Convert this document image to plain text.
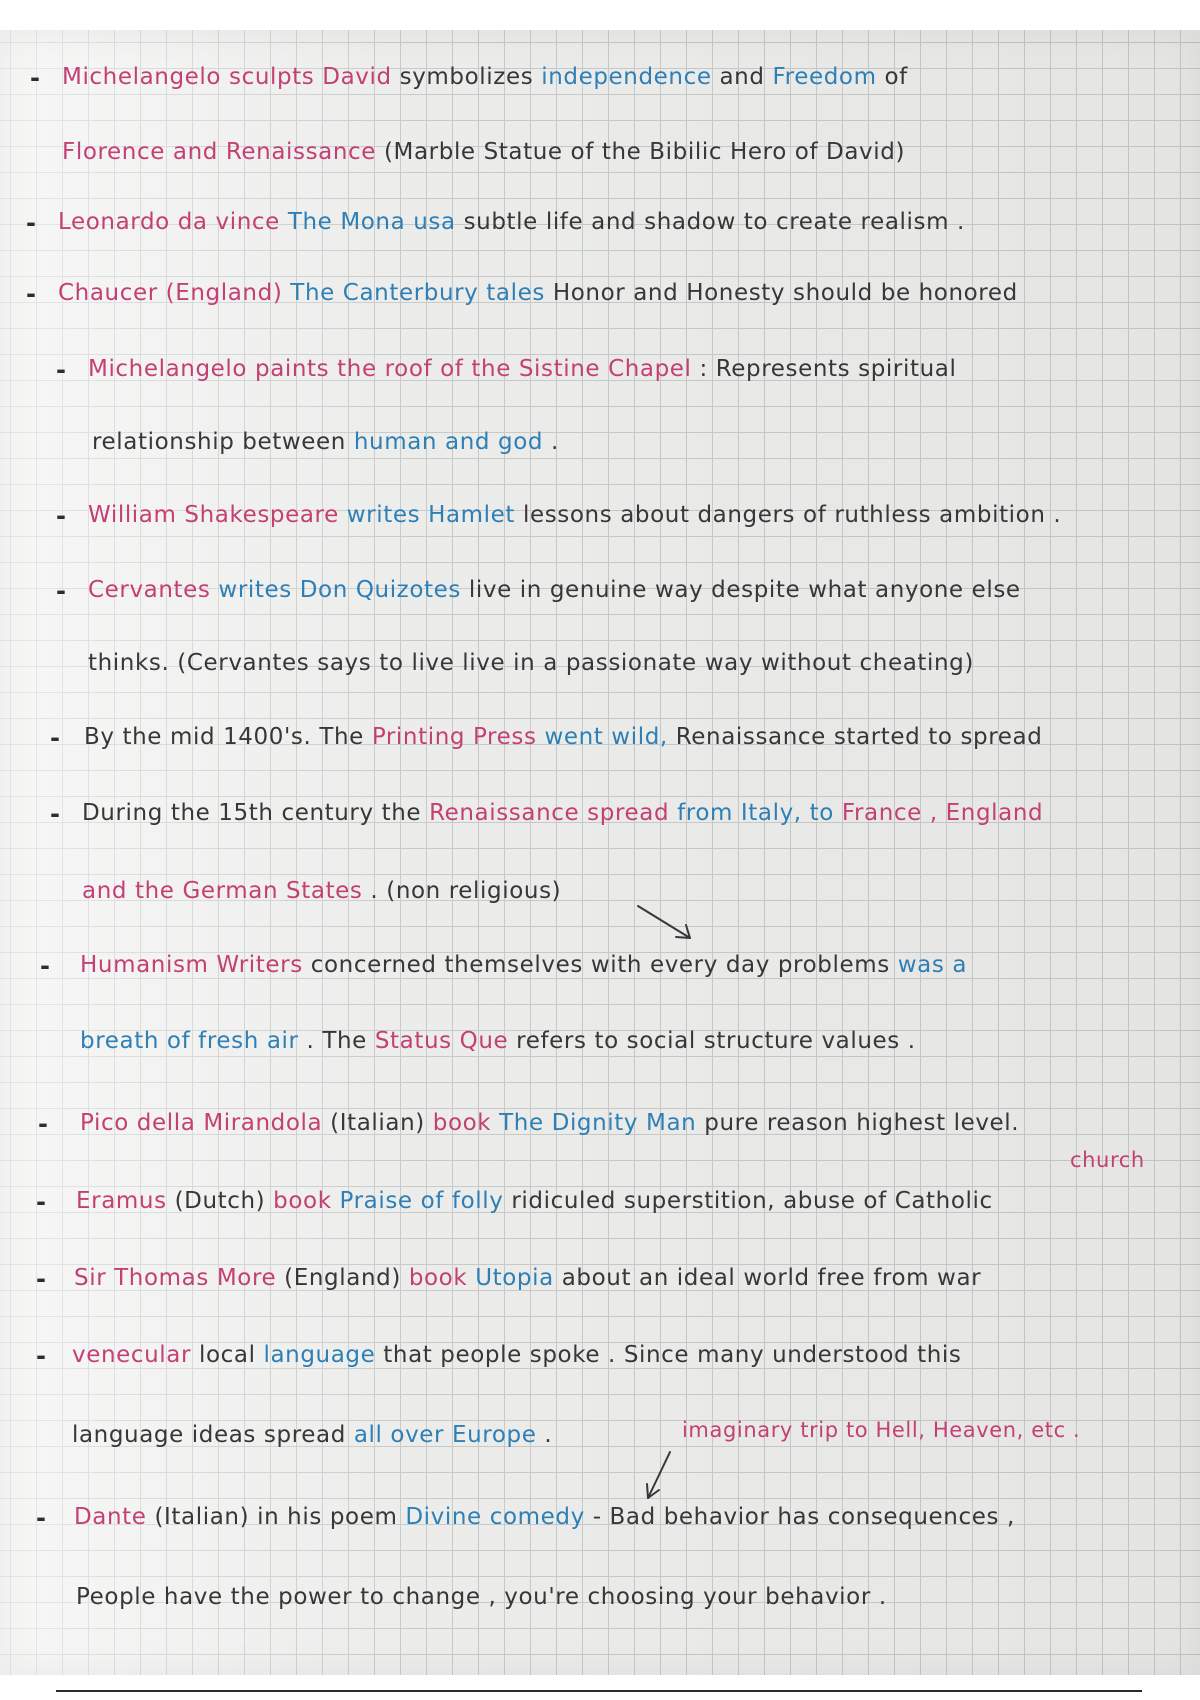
- Michelangelo sculpts David symbolizes independence and Freedom of
Florence and Renaissance (Marble Statue of the Bibilic Hero of David)
- Leonardo da vince The Mona usa subtle life and shadow to create realism .
- Chaucer (England) The Canterbury tales Honor and Honesty should be honored
- Michelangelo paints the roof of the Sistine Chapel : Represents spiritual
relationship between human and god .
- William Shakespeare writes Hamlet lessons about dangers of ruthless ambition .
- Cervantes writes Don Quizotes live in genuine way despite what anyone else
thinks. (Cervantes says to live live in a passionate way without cheating)
- By the mid 1400's. The Printing Press went wild, Renaissance started to spread
- During the 15th century the Renaissance spread from Italy, to France , England
and the German States . (non religious)
- Humanism Writers concerned themselves with every day problems was a
breath of fresh air . The Status Que refers to social structure values .
- Pico della Mirandola (Italian) book The Dignity Man pure reason highest level.
- Eramus (Dutch) book Praise of folly ridiculed superstition, abuse of Catholic
- Sir Thomas More (England) book Utopia about an ideal world free from war
- venecular local language that people spoke . Since many understood this
language ideas spread all over Europe .
- Dante (Italian) in his poem Divine comedy - Bad behavior has consequences ,
People have the power to change , you're choosing your behavior .
church
imaginary trip to Hell, Heaven, etc .
